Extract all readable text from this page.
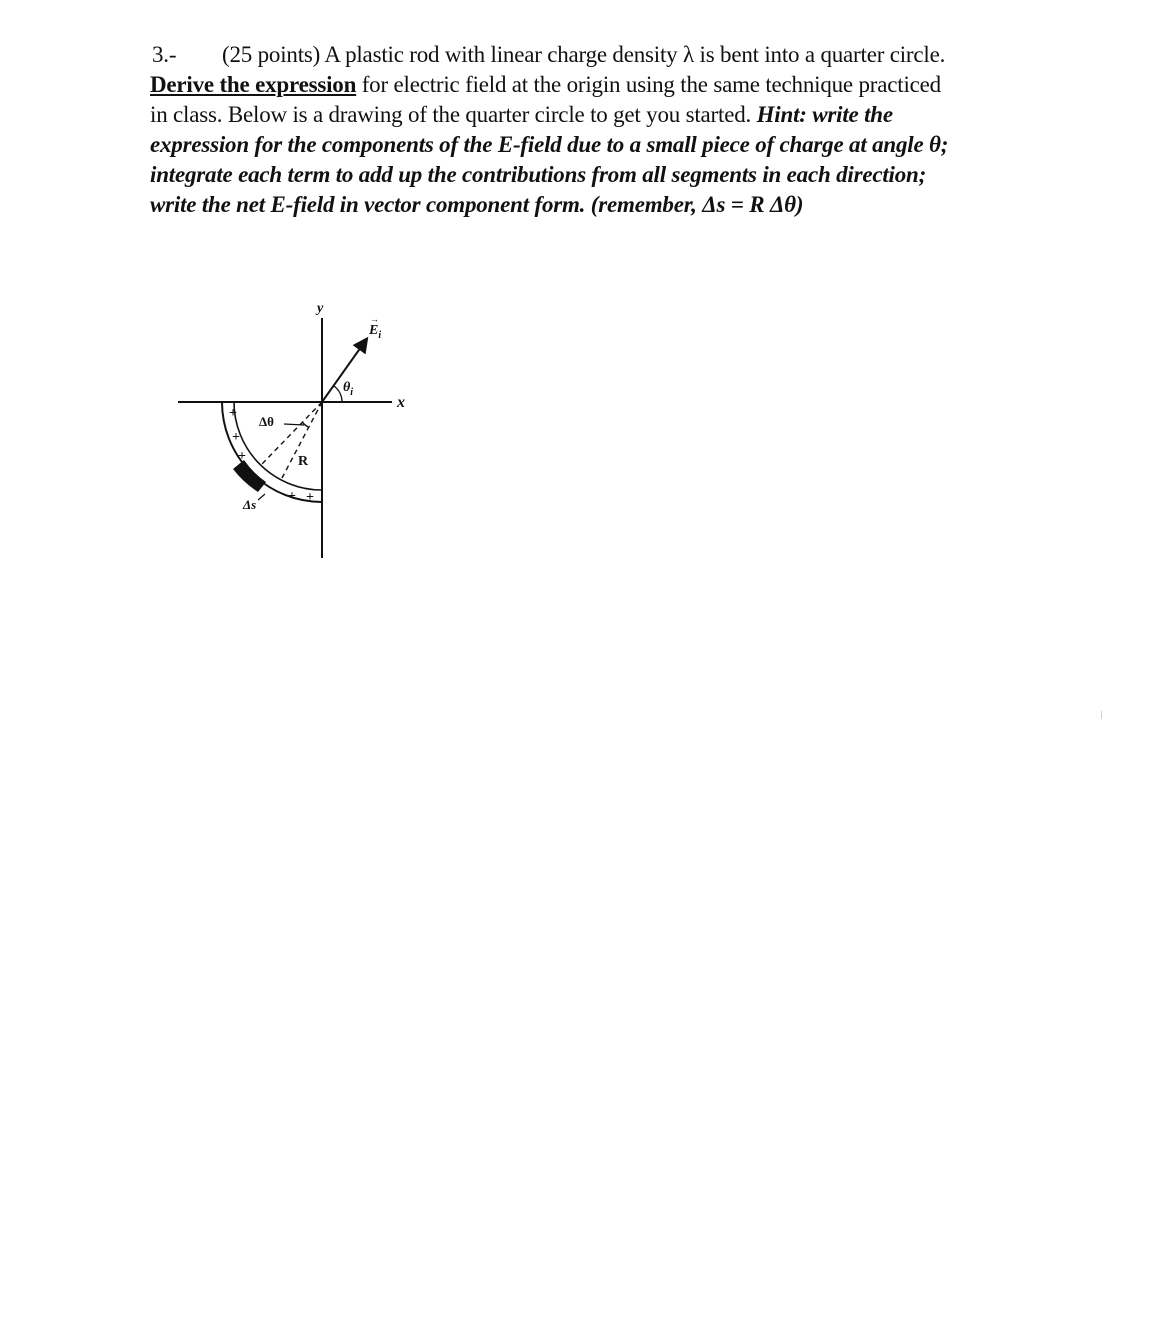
3.- (25 points) A plastic rod with linear charge density λ is bent into a quarter circle.
Derive the expression for electric field at the origin using the same technique practiced
in class. Below is a drawing of the quarter circle to get you started. Hint: write the
expression for the components of the E-field due to a small piece of charge at angle θ;
integrate each term to add up the contributions from all segments in each direction;
write the net E-field in vector component form. (remember, Δs = R Δθ)
y
x
+
+
+
+
+ +
Δθ
R
Δs
→
$E_i$
$\theta_i$
